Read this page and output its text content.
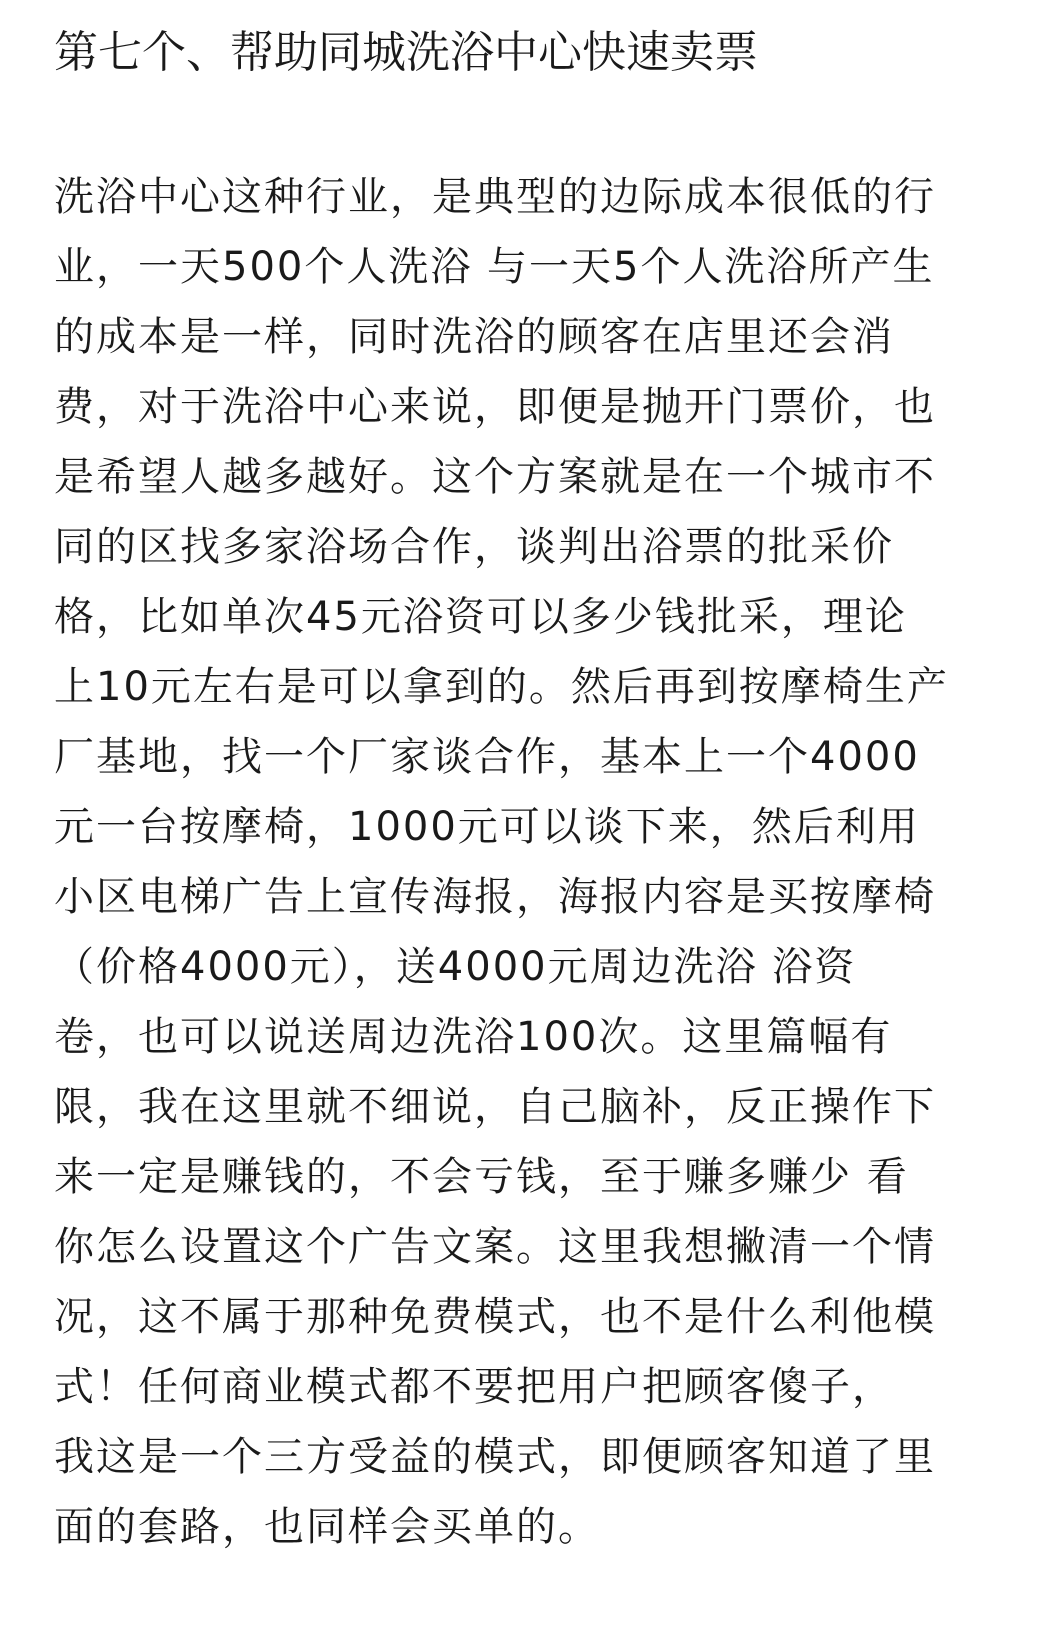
第七个、帮助同城洗浴中心快速卖票
洗浴中心这种行业，是典型的边际成本很低的行
业，一天500个人洗浴 与一天5个人洗浴所产生
的成本是一样，同时洗浴的顾客在店里还会消
费，对于洗浴中心来说，即便是抛开门票价，也
是希望人越多越好。这个方案就是在一个城市不
同的区找多家浴场合作，谈判出浴票的批采价
格，比如单次45元浴资可以多少钱批采，理论
上10元左右是可以拿到的。然后再到按摩椅生产
厂基地，找一个厂家谈合作，基本上一个4000
元一台按摩椅，1000元可以谈下来，然后利用
小区电梯广告上宣传海报，海报内容是买按摩椅
（价格4000元），送4000元周边洗浴 浴资
卷，也可以说送周边洗浴100次。这里篇幅有
限，我在这里就不细说，自己脑补，反正操作下
来一定是赚钱的，不会亏钱，至于赚多赚少 看
你怎么设置这个广告文案。这里我想撇清一个情
况，这不属于那种免费模式，也不是什么利他模
式！任何商业模式都不要把用户把顾客傻子，
我这是一个三方受益的模式，即便顾客知道了里
面的套路，也同样会买单的。
